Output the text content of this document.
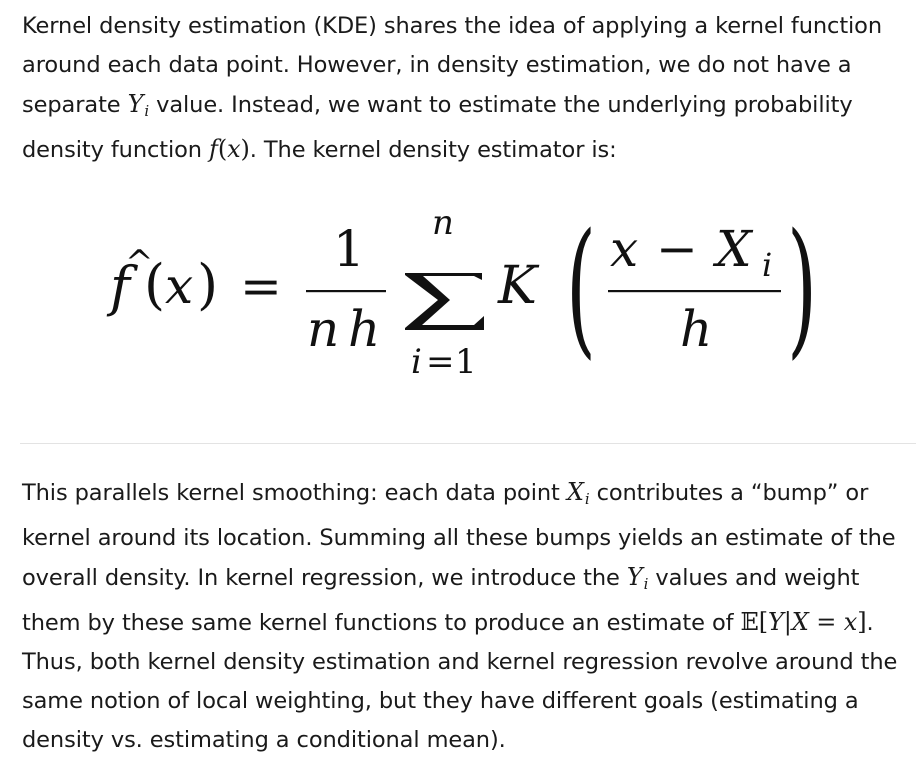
Kernel density estimation (KDE) shares the idea of applying a kernel function around each data point. However, in density estimation, we do not have a separate $Y_i$ value. Instead, we want to estimate the underlying probability density function f(x). The kernel density estimator is:

f
^
( x ) =
1
n h
n
i = 1
K ( x − X i
h )

This parallels kernel smoothing: each data point $X_i$ contributes a “bump” or kernel around its location. Summing all these bumps yields an estimate of the overall density. In kernel regression, we introduce the $Y_i$ values and weight them by these same kernel functions to produce an estimate of 𝔼[Y|X = x]. Thus, both kernel density estimation and kernel regression revolve around the same notion of local weighting, but they have different goals (estimating a density vs. estimating a conditional mean).
